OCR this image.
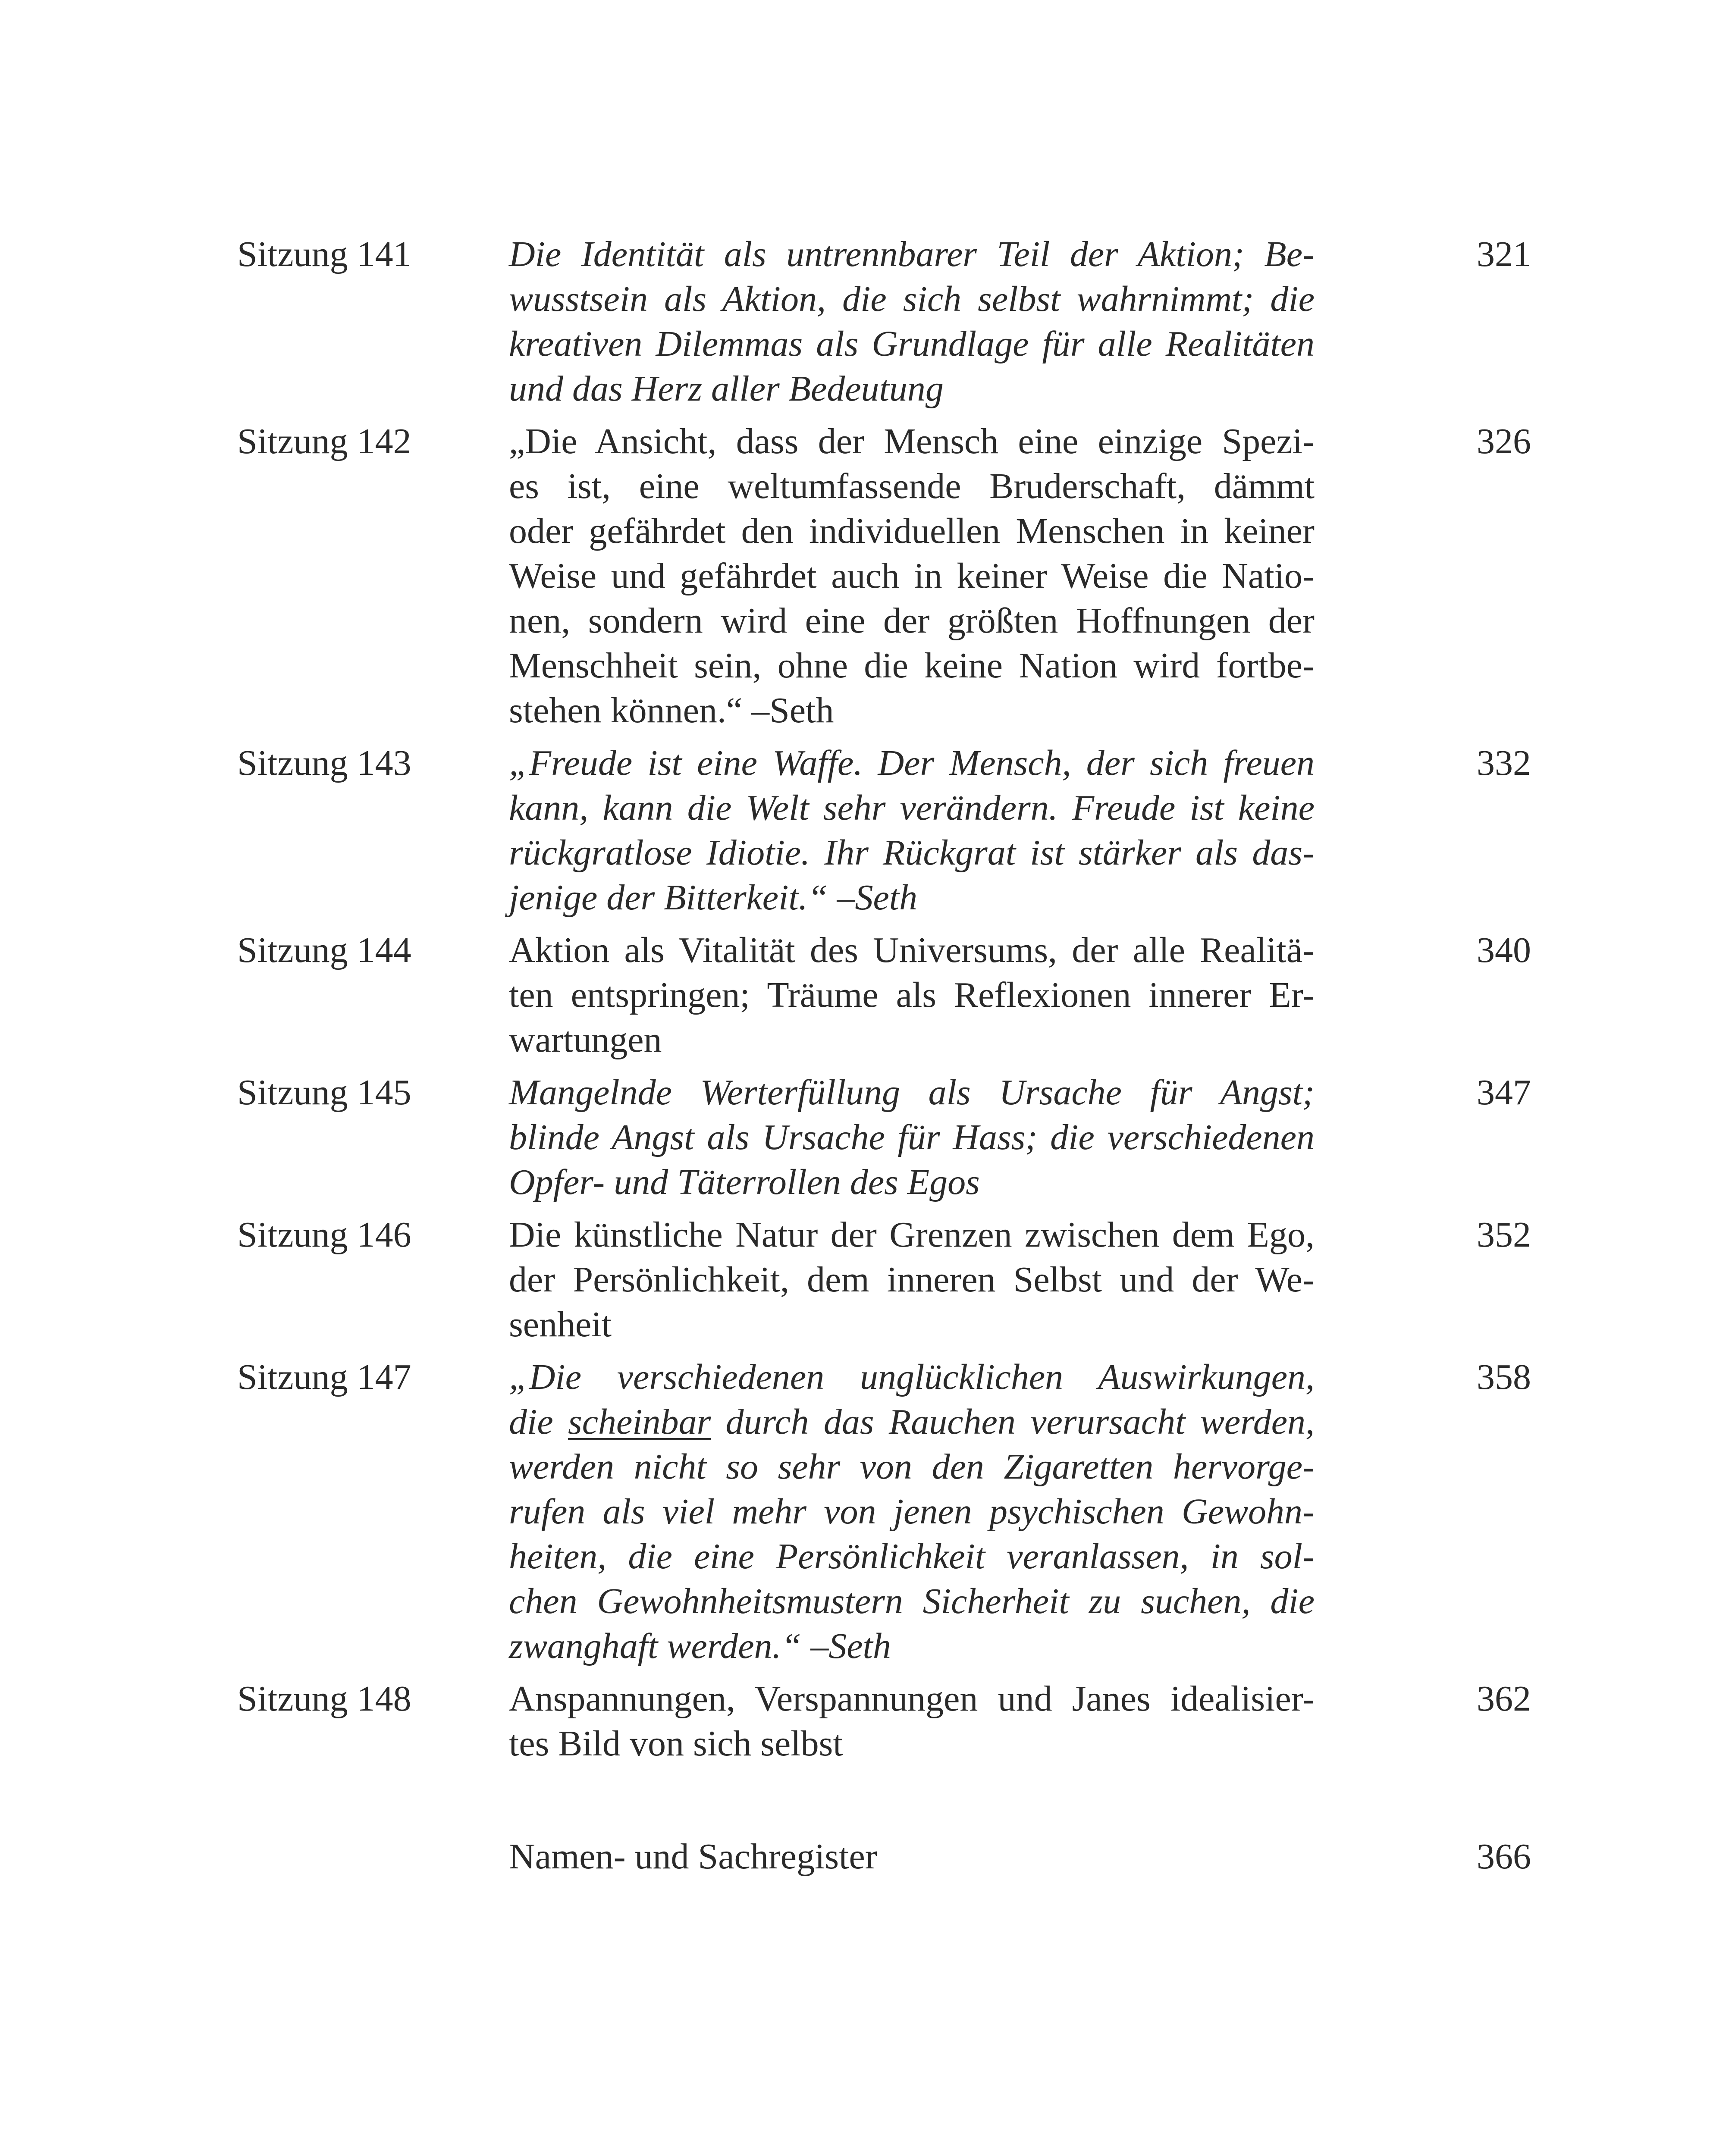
Sitzung 141	Die Identität als untrennbarer Teil der Aktion; Be-
wusstsein als Aktion, die sich selbst wahrnimmt; die
kreativen Dilemmas als Grundlage für alle Realitäten
und das Herz aller Bedeutung
321
Sitzung 142	„Die Ansicht, dass der Mensch eine einzige Spezi-
es ist, eine weltumfassende Bruderschaft, dämmt
oder gefährdet den individuellen Menschen in keiner
Weise und gefährdet auch in keiner Weise die Natio-
nen, sondern wird eine der größten Hoffnungen der
Menschheit sein, ohne die keine Nation wird fortbe-
stehen können.“ –Seth
326
Sitzung 143	„Freude ist eine Waffe. Der Mensch, der sich freuen
kann, kann die Welt sehr verändern. Freude ist keine
rückgratlose Idiotie. Ihr Rückgrat ist stärker als das-
jenige der Bitterkeit.“ –Seth
332
Sitzung 144	Aktion als Vitalität des Universums, der alle Realitä-
ten entspringen; Träume als Reflexionen innerer Er-
wartungen
340
Sitzung 145	Mangelnde Werterfüllung als Ursache für Angst;
blinde Angst als Ursache für Hass; die verschiedenen
Opfer- und Täterrollen des Egos
347
Sitzung 146	Die künstliche Natur der Grenzen zwischen dem Ego,
der Persönlichkeit, dem inneren Selbst und der We-
senheit
352
Sitzung 147	„Die verschiedenen unglücklichen Auswirkungen,
die scheinbar durch das Rauchen verursacht werden,
werden nicht so sehr von den Zigaretten hervorge-
rufen als viel mehr von jenen psychischen Gewohn-
heiten, die eine Persönlichkeit veranlassen, in sol-
chen Gewohnheitsmustern Sicherheit zu suchen, die
zwanghaft werden.“ –Seth
358
Sitzung 148	Anspannungen, Verspannungen und Janes idealisier-
tes Bild von sich selbst
362
Namen- und Sachregister	366
